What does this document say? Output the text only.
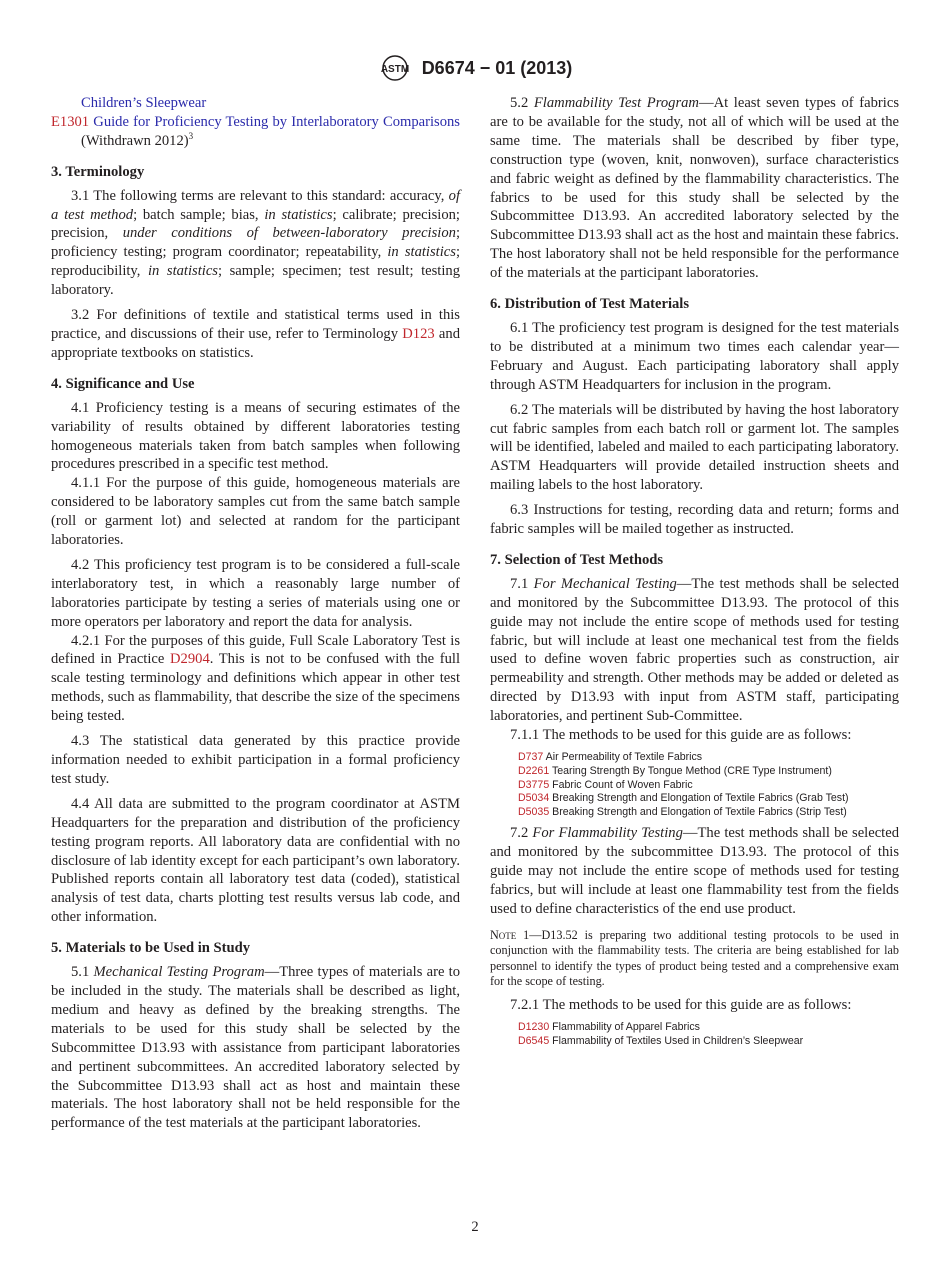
ASTM D6674 − 01 (2013)
Children’s Sleepwear
E1301 Guide for Proficiency Testing by Interlaboratory Comparisons (Withdrawn 2012)$^3$
3. Terminology

3.1 The following terms are relevant to this standard: accuracy, of a test method; batch sample; bias, in statistics; calibrate; precision; precision, under conditions of between-laboratory precision; proficiency testing; program coordinator; repeatability, in statistics; reproducibility, in statistics; sample; specimen; test result; testing laboratory.

3.2 For definitions of textile and statistical terms used in this practice, and discussions of their use, refer to Terminology D123 and appropriate textbooks on statistics.

4. Significance and Use

4.1 Proficiency testing is a means of securing estimates of the variability of results obtained by different laboratories testing homogeneous materials taken from batch samples when following procedures prescribed in a specific test method.

4.1.1 For the purpose of this guide, homogeneous materials are considered to be laboratory samples cut from the same batch sample (roll or garment lot) and selected at random for the participant laboratories.

4.2 This proficiency test program is to be considered a full-scale interlaboratory test, in which a reasonably large number of laboratories participate by testing a series of materials using one or more operators per laboratory and report the data for analysis.

4.2.1 For the purposes of this guide, Full Scale Laboratory Test is defined in Practice D2904. This is not to be confused with the full scale testing terminology and definitions which appear in other test methods, such as flammability, that describe the size of the specimens being tested.

4.3 The statistical data generated by this practice provide information needed to exhibit participation in a formal proficiency test study.

4.4 All data are submitted to the program coordinator at ASTM Headquarters for the preparation and distribution of the proficiency testing program reports. All laboratory data are confidential with no disclosure of lab identity except for each participant’s own laboratory. Published reports contain all laboratory test data (coded), statistical analysis of test data, charts plotting test results versus lab code, and other information.

5. Materials to be Used in Study

5.1 Mechanical Testing Program—Three types of materials are to be included in the study. The materials shall be described as light, medium and heavy as defined by the breaking strengths. The materials to be used for this study shall be selected by the Subcommittee D13.93 with assistance from participant laboratories and pertinent subcommittees. An accredited laboratory selected by the Subcommittee D13.93 shall act as host and maintain these materials. The host laboratory shall not be held responsible for the performance of the test materials at the participant laboratories.

5.2 Flammability Test Program—At least seven types of fabrics are to be available for the study, not all of which will be used at the same time. The materials shall be described by fiber type, construction type (woven, knit, nonwoven), surface characteristics and fabric weight as defined by the flammability characteristics. The fabrics to be used for this study shall be selected by the Subcommittee D13.93. An accredited laboratory selected by the Subcommittee D13.93 shall act as the host and maintain these fabrics. The host laboratory shall not be held responsible for the performance of the materials at the participant laboratories.

6. Distribution of Test Materials

6.1 The proficiency test program is designed for the test materials to be distributed at a minimum two times each calendar year—February and August. Each participating laboratory shall apply through ASTM Headquarters for inclusion in the program.

6.2 The materials will be distributed by having the host laboratory cut fabric samples from each batch roll or garment lot. The samples will be identified, labeled and mailed to each participating laboratory. ASTM Headquarters will provide detailed instruction sheets and mailing labels to the host laboratory.

6.3 Instructions for testing, recording data and return; forms and fabric samples will be mailed together as instructed.

7. Selection of Test Methods

7.1 For Mechanical Testing—The test methods shall be selected and monitored by the Subcommittee D13.93. The protocol of this guide may not include the entire scope of methods used for testing fabric, but will include at least one mechanical test from the fields used to define woven fabric properties such as construction, air permeability and strength. Other methods may be added or deleted as directed by D13.93 with input from ASTM staff, participating laboratories, and pertinent Sub-Committee.

7.1.1 The methods to be used for this guide are as follows:

D737 Air Permeability of Textile Fabrics
D2261 Tearing Strength By Tongue Method (CRE Type Instrument)
D3775 Fabric Count of Woven Fabric
D5034 Breaking Strength and Elongation of Textile Fabrics (Grab Test)
D5035 Breaking Strength and Elongation of Textile Fabrics (Strip Test)

7.2 For Flammability Testing—The test methods shall be selected and monitored by the subcommittee D13.93. The protocol of this guide may not include the entire scope of methods used for testing fabrics, but will include at least one flammability test from the fields used to define characteristics of the end use product.

Note 1—D13.52 is preparing two additional testing protocols to be used in conjunction with the flammability tests. The criteria are being established for lab personnel to identify the types of product being tested and a comprehensive exam for the scope of testing.

7.2.1 The methods to be used for this guide are as follows:

D1230 Flammability of Apparel Fabrics
D6545 Flammability of Textiles Used in Children’s Sleepwear
2
